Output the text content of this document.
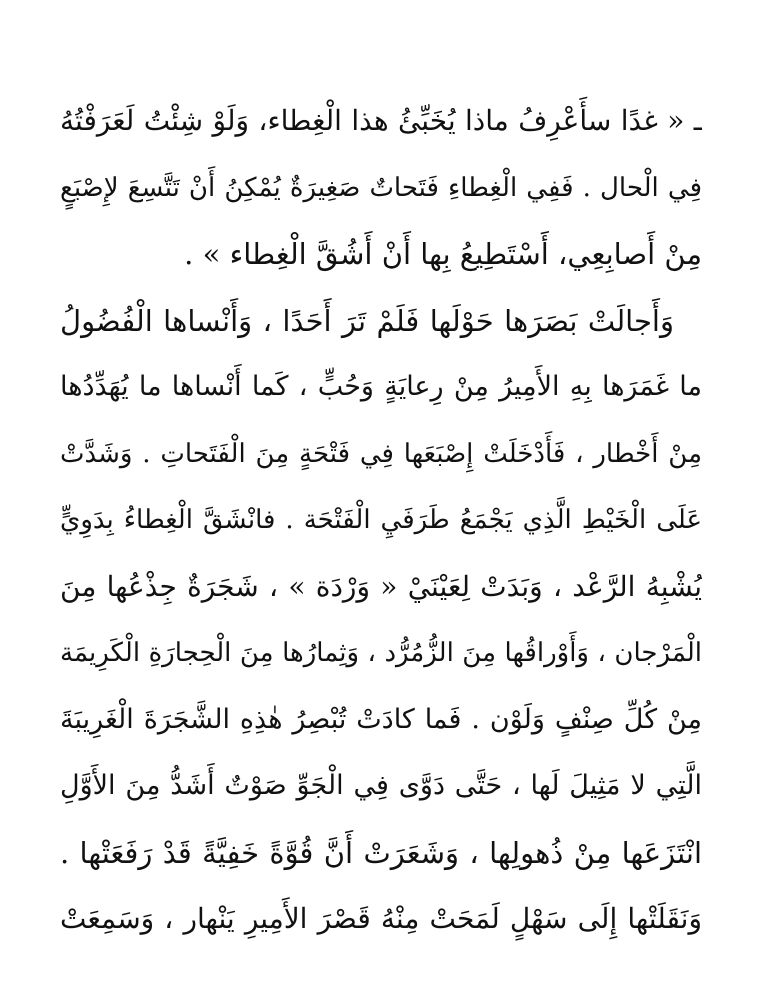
ـ « غدًا سأَعْرِفُ ماذا يُخَبِّئُ هذا الْغِطاء، وَلَوْ شِئْتُ لَعَرَفْتُهُ
فِي الْحال . فَفِي الْغِطاءِ فَتَحاتٌ صَغِيرَةٌ يُمْكِنُ أَنْ تَتَّسِعَ لإِصْبَعٍ
مِنْ أَصابِعِي، أَسْتَطِيعُ بِها أَنْ أَشُقَّ الْغِطاء » .
وَأَجالَتْ بَصَرَها حَوْلَها فَلَمْ تَرَ أَحَدًا ، وَأَنْساها الْفُضُولُ
ما غَمَرَها بِهِ الأَمِيرُ مِنْ رِعايَةٍ وَحُبٍّ ، كَما أَنْساها ما يُهَدِّدُها
مِنْ أَخْطار ، فَأَدْخَلَتْ إِصْبَعَها فِي فَتْحَةٍ مِنَ الْفَتَحاتِ . وَشَدَّتْ
عَلَى الْخَيْطِ الَّذِي يَجْمَعُ طَرَفَيِ الْفَتْحَة . فانْشَقَّ الْغِطاءُ بِدَوِيٍّ
يُشْبِهُ الرَّعْد ، وَبَدَتْ لِعَيْنَيْ « وَرْدَة » ، شَجَرَةٌ جِذْعُها مِنَ
الْمَرْجان ، وَأَوْراقُها مِنَ الزُّمُرُّد ، وَثِمارُها مِنَ الْحِجارَةِ الْكَرِيمَة
مِنْ كُلِّ صِنْفٍ وَلَوْن . فَما كادَتْ تُبْصِرُ هٰذِهِ الشَّجَرَةَ الْغَرِيبَةَ
الَّتِي لا مَثِيلَ لَها ، حَتَّى دَوَّى فِي الْجَوِّ صَوْتٌ أَشَدُّ مِنَ الأَوَّلِ
انْتَزَعَها مِنْ ذُهولِها ، وَشَعَرَتْ أَنَّ قُوَّةً خَفِيَّةً قَدْ رَفَعَتْها .
وَنَقَلَتْها إِلَى سَهْلٍ لَمَحَتْ مِنْهُ قَصْرَ الأَمِيرِ يَنْهار ، وَسَمِعَتْ
